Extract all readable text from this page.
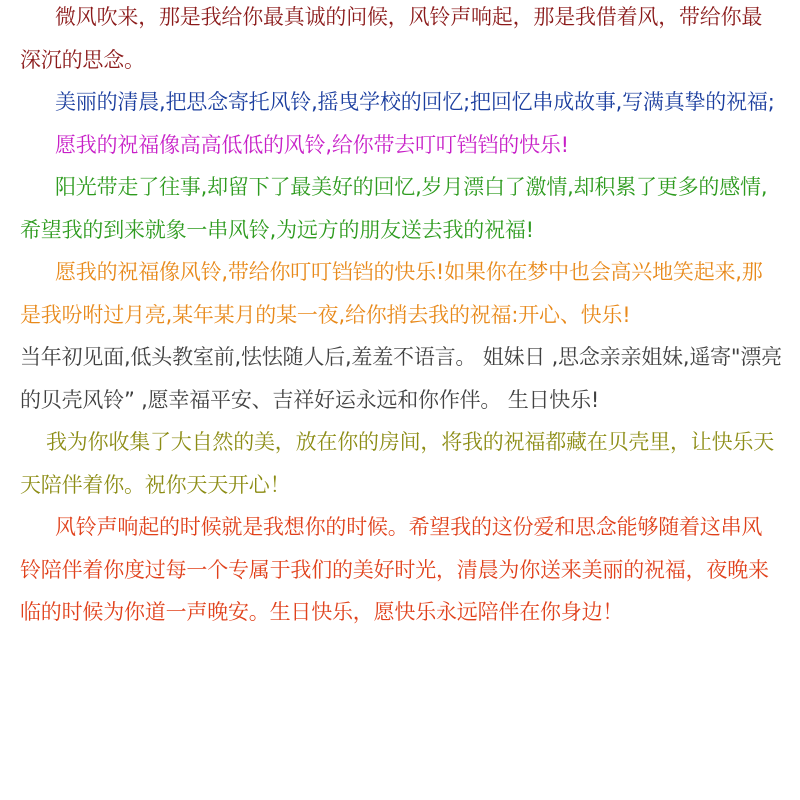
微风吹来，那是我给你最真诚的问候，风铃声响起，那是我借着风，带给你最深沉的思念。

美丽的清晨,把思念寄托风铃,摇曳学校的回忆;把回忆串成故事,写满真挚的祝福;

愿我的祝福像高高低低的风铃,给你带去叮叮铛铛的快乐!

阳光带走了往事,却留下了最美好的回忆,岁月漂白了激情,却积累了更多的感情,希望我的到来就象一串风铃,为远方的朋友送去我的祝福!

愿我的祝福像风铃,带给你叮叮铛铛的快乐!如果你在梦中也会高兴地笑起来,那是我吩咐过月亮,某年某月的某一夜,给你捎去我的祝福:开心、快乐!

当年初见面,低头教室前,怯怯随人后,羞羞不语言。 姐妹日 ,思念亲亲姐妹,遥寄"漂亮的贝壳风铃” ,愿幸福平安、吉祥好运永远和你作伴。 生日快乐!

我为你收集了大自然的美，放在你的房间，将我的祝福都藏在贝壳里，让快乐天天陪伴着你。祝你天天开心！

风铃声响起的时候就是我想你的时候。希望我的这份爱和思念能够随着这串风铃陪伴着你度过每一个专属于我们的美好时光，清晨为你送来美丽的祝福，夜晚来临的时候为你道一声晚安。生日快乐，愿快乐永远陪伴在你身边！
